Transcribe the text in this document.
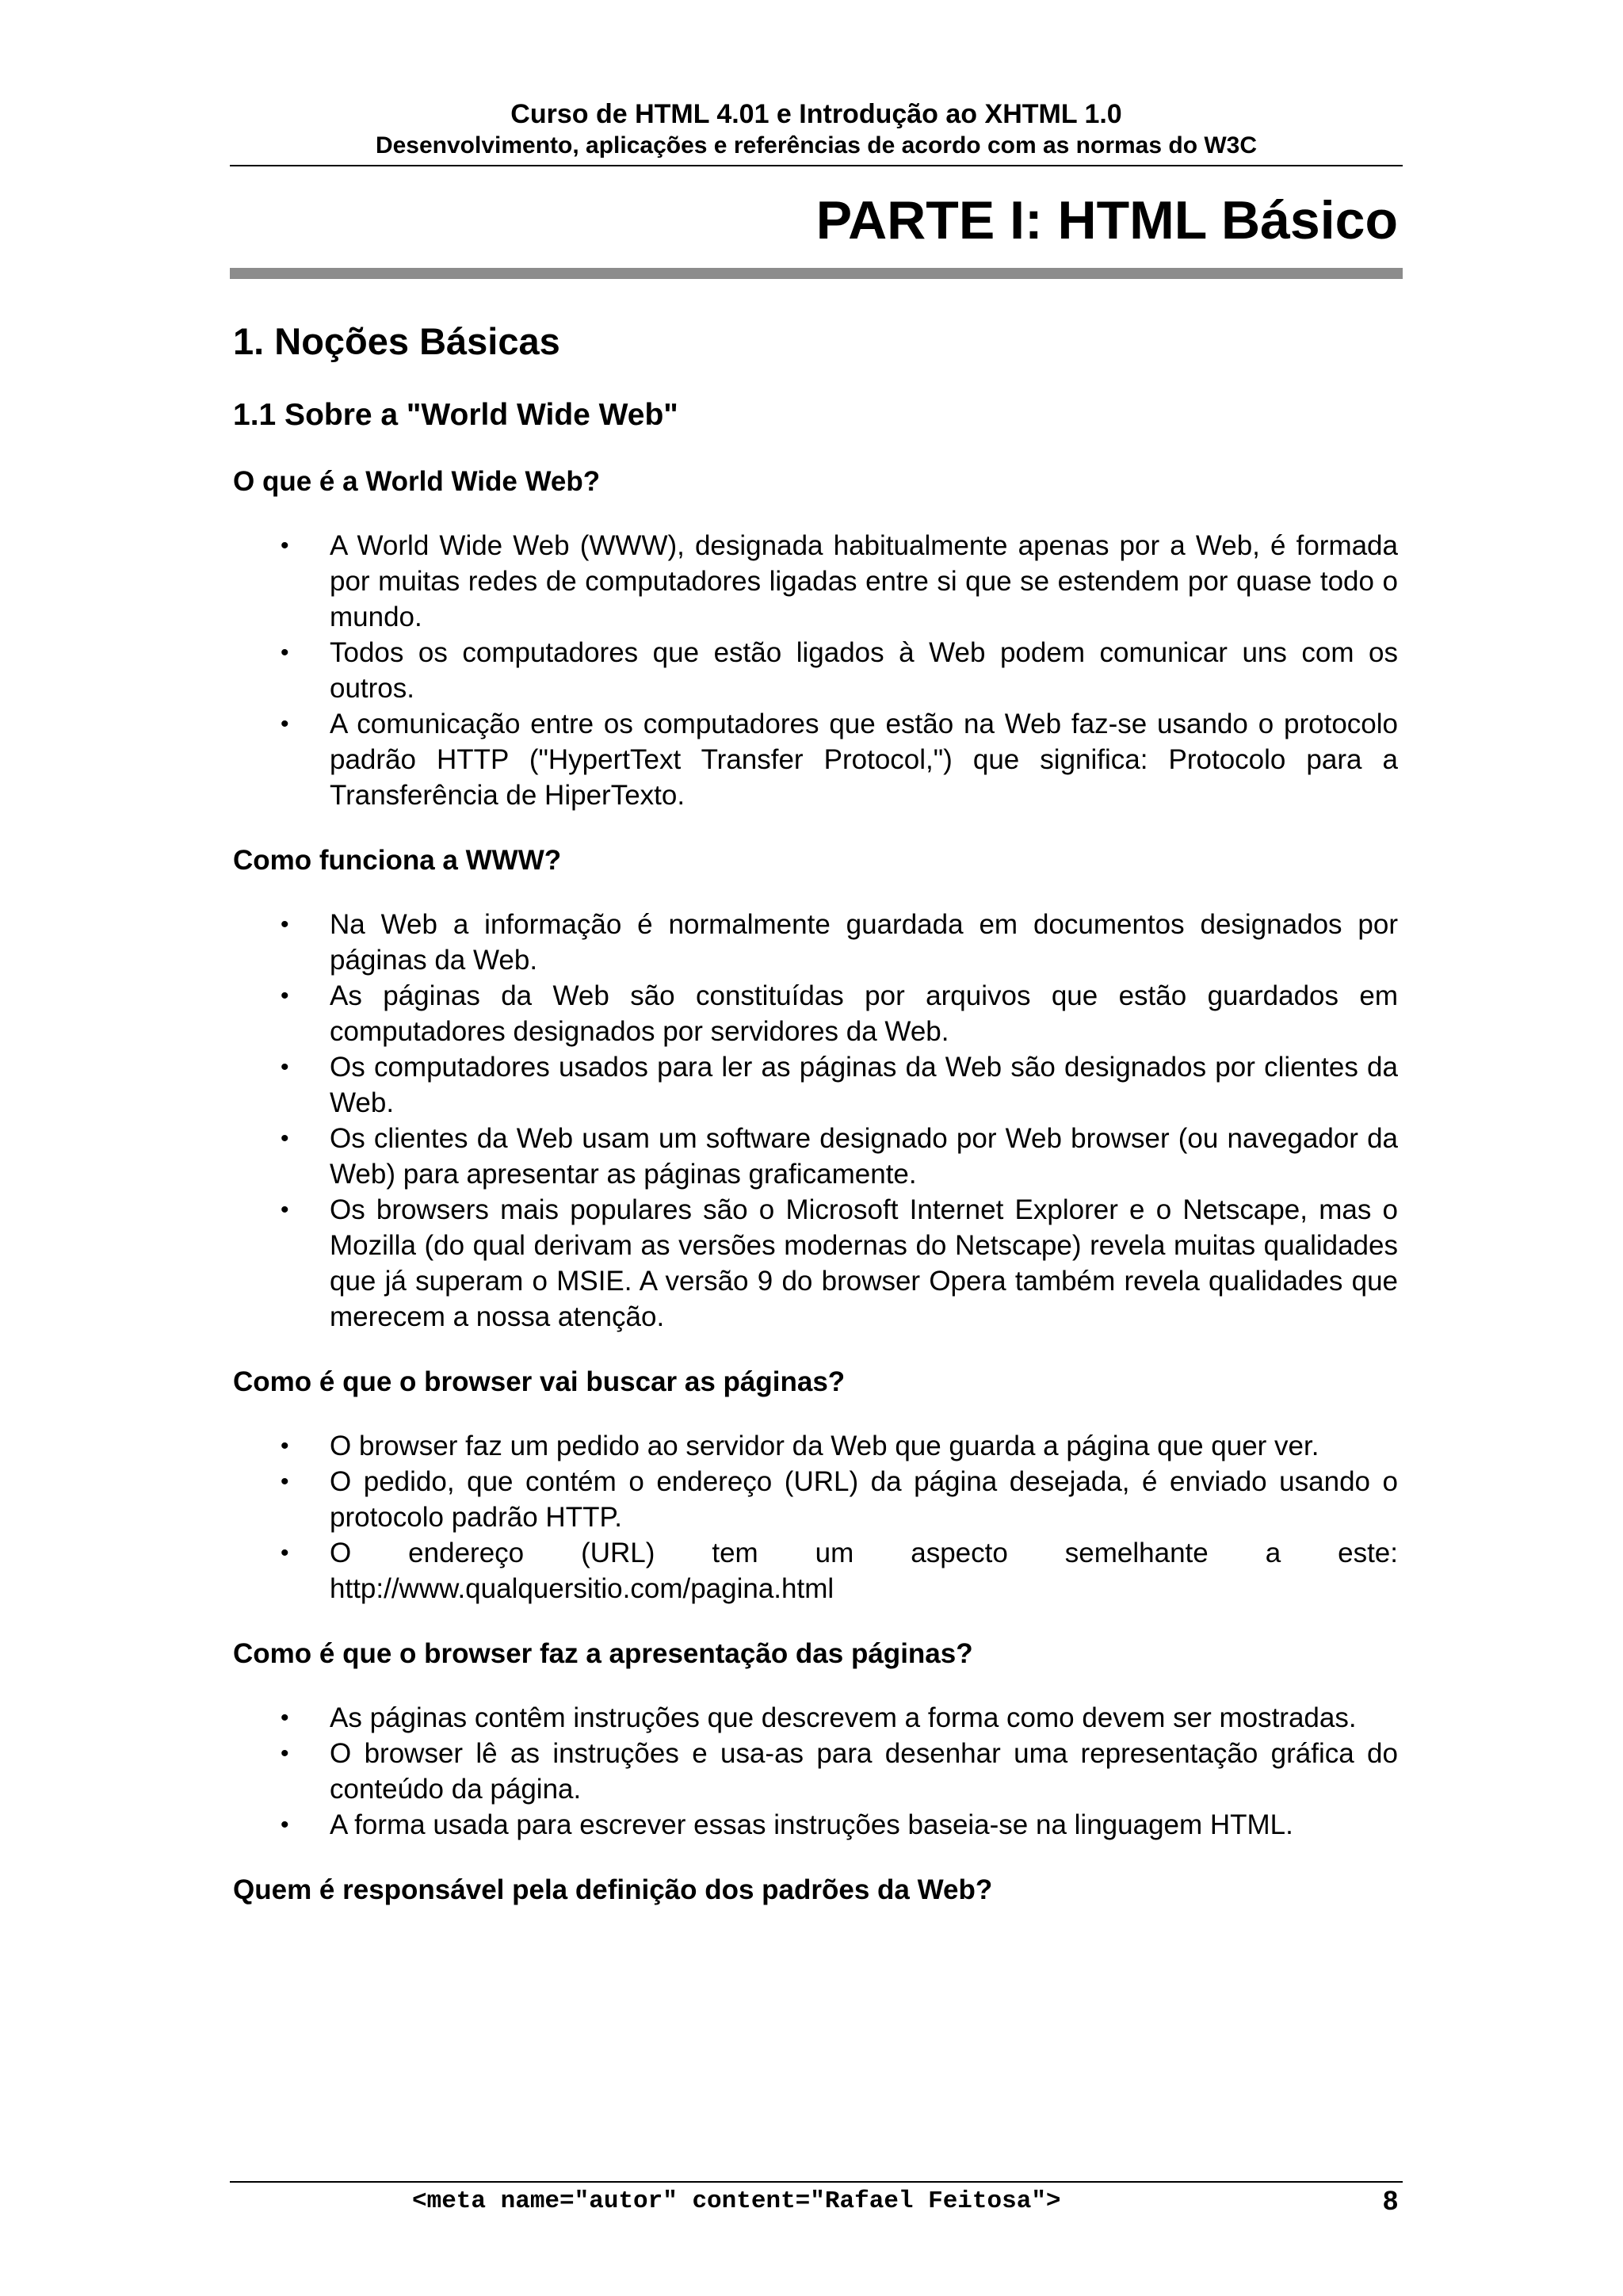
Curso de HTML 4.01 e Introdução ao XHTML 1.0
Desenvolvimento, aplicações e referências de acordo com as normas do W3C
PARTE I: HTML Básico
1. Noções Básicas
1.1 Sobre a "World Wide Web"
O que é a World Wide Web?
• A World Wide Web (WWW), designada habitualmente apenas por a Web, é formada por muitas redes de computadores ligadas entre si que se estendem por quase todo o mundo.
• Todos os computadores que estão ligados à Web podem comunicar uns com os outros.
• A comunicação entre os computadores que estão na Web faz-se usando o protocolo padrão HTTP ("HypertText Transfer Protocol,") que significa: Protocolo para a Transferência de HiperTexto.
Como funciona a WWW?
• Na Web a informação é normalmente guardada em documentos designados por páginas da Web.
• As páginas da Web são constituídas por arquivos que estão guardados em computadores designados por servidores da Web.
• Os computadores usados para ler as páginas da Web são designados por clientes da Web.
• Os clientes da Web usam um software designado por Web browser (ou navegador da Web) para apresentar as páginas graficamente.
• Os browsers mais populares são o Microsoft Internet Explorer e o Netscape, mas o Mozilla (do qual derivam as versões modernas do Netscape) revela muitas qualidades que já superam o MSIE. A versão 9 do browser Opera também revela qualidades que merecem a nossa atenção.
Como é que o browser vai buscar as páginas?
• O browser faz um pedido ao servidor da Web que guarda a página que quer ver.
• O pedido, que contém o endereço (URL) da página desejada, é enviado usando o protocolo padrão HTTP.
• O endereço (URL) tem um aspecto semelhante a este: http://www.qualquersitio.com/pagina.html
Como é que o browser faz a apresentação das páginas?
• As páginas contêm instruções que descrevem a forma como devem ser mostradas.
• O browser lê as instruções e usa-as para desenhar uma representação gráfica do conteúdo da página.
• A forma usada para escrever essas instruções baseia-se na linguagem HTML.
Quem é responsável pela definição dos padrões da Web?
<meta name="autor" content="Rafael Feitosa">	8
